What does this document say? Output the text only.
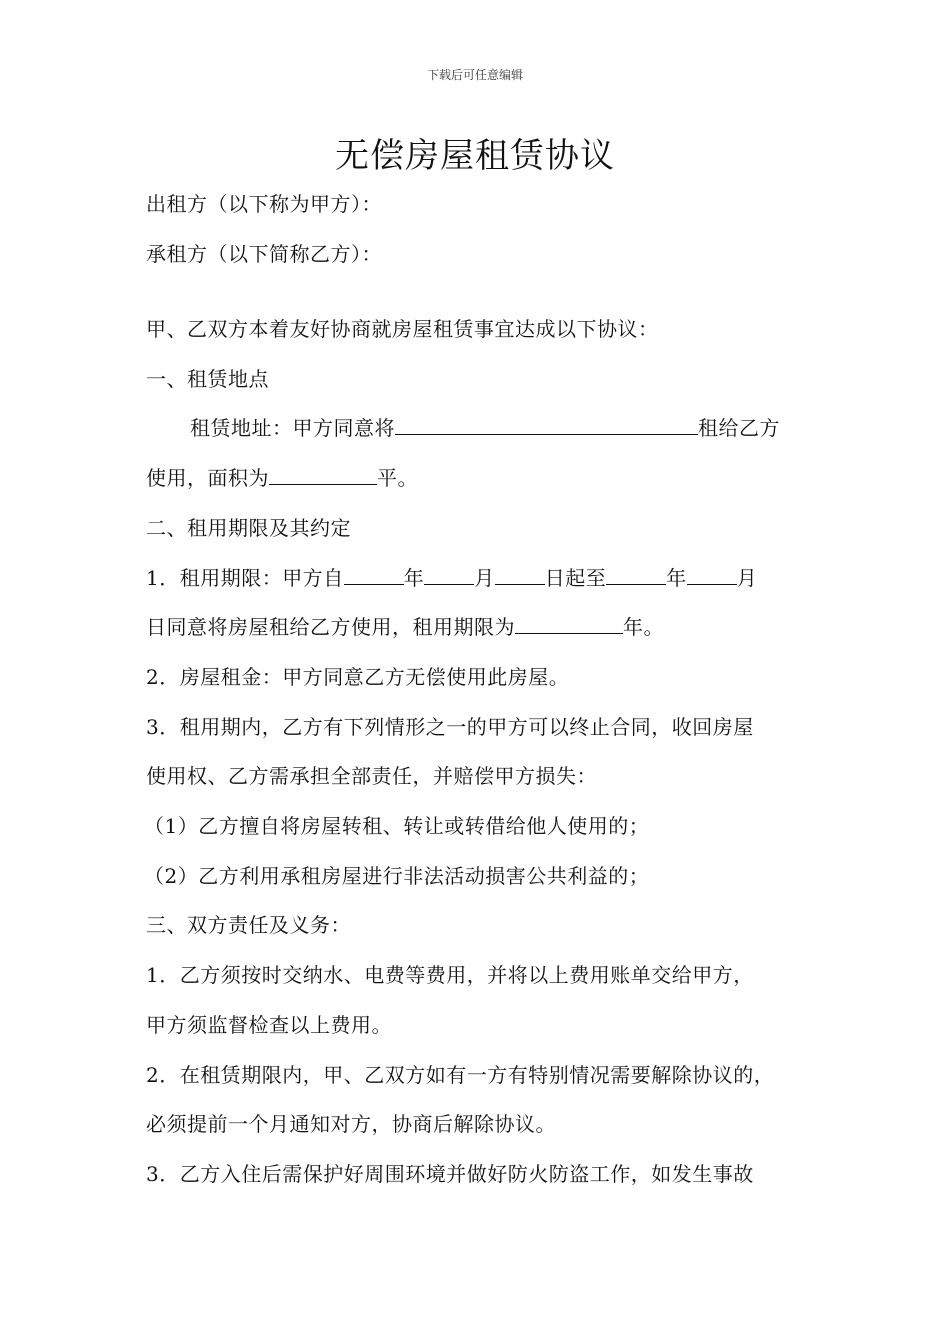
下载后可任意编辑
无偿房屋租赁协议
出租方（以下称为甲方）：
承租方（以下简称乙方）：
甲、乙双方本着友好协商就房屋租赁事宜达成以下协议：
一、租赁地点
租赁地址：甲方同意将	租给乙方
使用，面积为	平。
二、租用期限及其约定
1．租用期限：甲方自	年	月	日起至	年	月
日同意将房屋租给乙方使用，租用期限为	年。
2．房屋租金：甲方同意乙方无偿使用此房屋。
3．租用期内，乙方有下列情形之一的甲方可以终止合同，收回房屋
使用权、乙方需承担全部责任，并赔偿甲方损失：
（1）乙方擅自将房屋转租、转让或转借给他人使用的；
（2）乙方利用承租房屋进行非法活动损害公共利益的；
三、双方责任及义务：
1．乙方须按时交纳水、电费等费用，并将以上费用账单交给甲方，
甲方须监督检查以上费用。
2．在租赁期限内，甲、乙双方如有一方有特别情况需要解除协议的，
必须提前一个月通知对方，协商后解除协议。
3．乙方入住后需保护好周围环境并做好防火防盗工作，如发生事故
